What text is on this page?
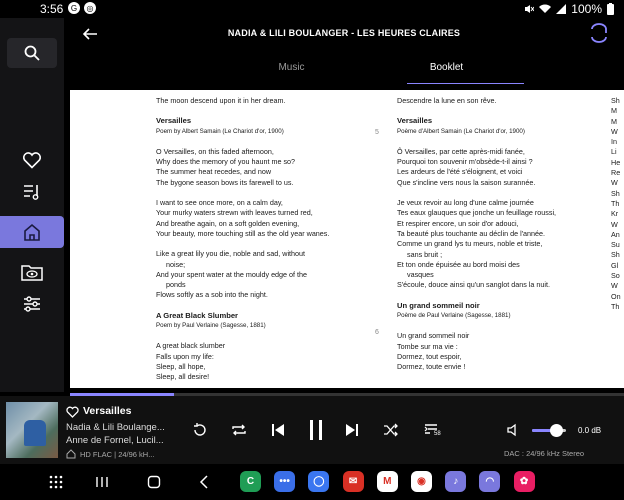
3:56 G	◎	100%
NADIA & LILI BOULANGER - LES HEURES CLAIRES
Music	Booklet
The moon descend upon it in her dream.
Versailles
Poem by Albert Samain (Le Chariot d'or, 1900)
O Versailles, on this faded afternoon,
Why does the memory of you haunt me so?
The summer heat recedes, and now
The bygone season bows its farewell to us.
I want to see once more, on a calm day,
Your murky waters strewn with leaves turned red,
And breathe again, on a soft golden evening,
Your beauty, more touching still as the old year wanes.
Like a great lily you die, noble and sad, without
noise;
And your spent water at the mouldy edge of the
ponds
Flows softly as a sob into the night.
A Great Black Slumber
Poem by Paul Verlaine (Sagesse, 1881)
A great black slumber
Falls upon my life:
Sleep, all hope,
Sleep, all desire!
Descendre la lune en son rêve.
Versailles
Poème d'Albert Samain (Le Chariot d'or, 1900)
Ô Versailles, par cette après-midi fanée,
Pourquoi ton souvenir m'obsède-t-il ainsi ?
Les ardeurs de l'été s'éloignent, et voici
Que s'incline vers nous la saison surannée.
Je veux revoir au long d'une calme journée
Tes eaux glauques que jonche un feuillage roussi,
Et respirer encore, un soir d'or adouci,
Ta beauté plus touchante au déclin de l'année.
Comme un grand lys tu meurs, noble et triste,
sans bruit ;
Et ton onde épuisée au bord moisi des
vasques
S'écoule, douce ainsi qu'un sanglot dans la nuit.
Un grand sommeil noir
Poème de Paul Verlaine (Sagesse, 1881)
Un grand sommeil noir
Tombe sur ma vie :
Dormez, tout espoir,
Dormez, toute envie !
Sh
M
M
W
In
Li
He
Re
W
Sh
Th
Kr
W
An
Su
Sh
Gl
So
W
On
Th
5
6
Versailles
Nadia & Lili Boulange...
Anne de Fornel, Lucil...
HD FLAC | 24/96 kH...
58	0.0 dB
DAC : 24/96 kHz Stereo
C	••• ◯ ✉	M	◉	♪	◠	✿
